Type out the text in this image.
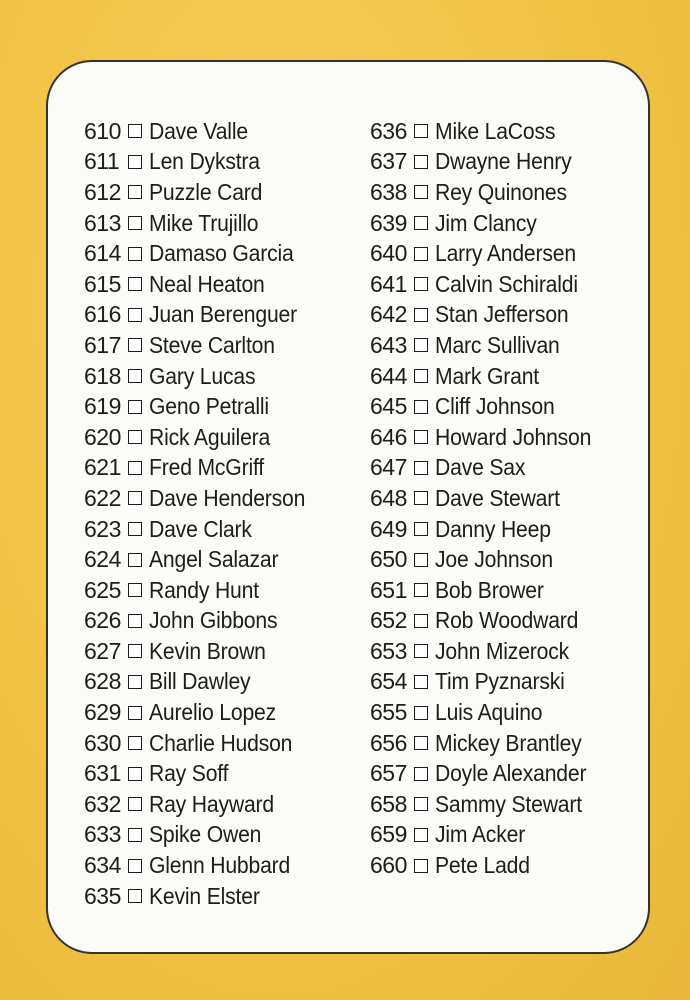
610 Dave Valle
611 Len Dykstra
612 Puzzle Card
613 Mike Trujillo
614 Damaso Garcia
615 Neal Heaton
616 Juan Berenguer
617 Steve Carlton
618 Gary Lucas
619 Geno Petralli
620 Rick Aguilera
621 Fred McGriff
622 Dave Henderson
623 Dave Clark
624 Angel Salazar
625 Randy Hunt
626 John Gibbons
627 Kevin Brown
628 Bill Dawley
629 Aurelio Lopez
630 Charlie Hudson
631 Ray Soff
632 Ray Hayward
633 Spike Owen
634 Glenn Hubbard
635 Kevin Elster
636 Mike LaCoss
637 Dwayne Henry
638 Rey Quinones
639 Jim Clancy
640 Larry Andersen
641 Calvin Schiraldi
642 Stan Jefferson
643 Marc Sullivan
644 Mark Grant
645 Cliff Johnson
646 Howard Johnson
647 Dave Sax
648 Dave Stewart
649 Danny Heep
650 Joe Johnson
651 Bob Brower
652 Rob Woodward
653 John Mizerock
654 Tim Pyznarski
655 Luis Aquino
656 Mickey Brantley
657 Doyle Alexander
658 Sammy Stewart
659 Jim Acker
660 Pete Ladd
